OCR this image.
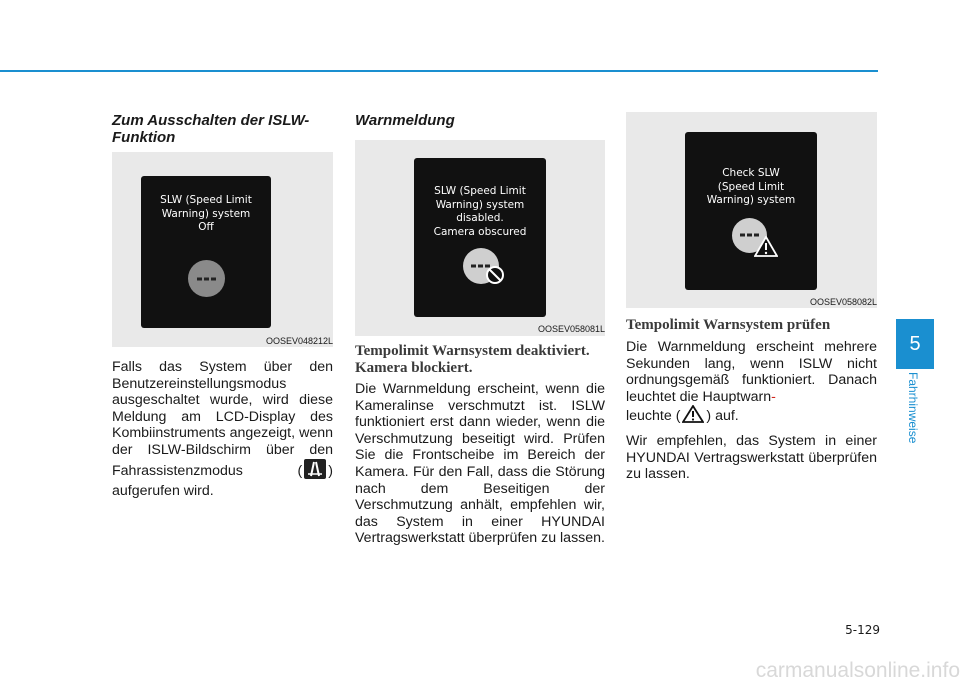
Zum Ausschalten der ISLW-Funktion

SLW (Speed Limit
Warning) system
Off
OOSEV048212L

Falls das System über den Benutzereinstellungsmodus ausgeschaltet wurde, wird diese Meldung am LCD-Display des Kombiinstruments angezeigt, wenn der ISLW-Bildschirm über den Fahrassistenzmodus ( ) aufgerufen wird.

Warnmeldung

SLW (Speed Limit
Warning) system
disabled.
Camera obscured
OOSEV058081L

Tempolimit Warnsystem deaktiviert. Kamera blockiert.

Die Warnmeldung erscheint, wenn die Kameralinse verschmutzt ist. ISLW funktioniert erst dann wieder, wenn die Verschmutzung beseitigt wird. Prüfen Sie die Frontscheibe im Bereich der Kamera. Für den Fall, dass die Störung nach dem Beseitigen der Verschmutzung anhält, empfehlen wir, das System in einer HYUNDAI Vertragswerkstatt überprüfen zu lassen.

Check SLW
(Speed Limit
Warning) system
OOSEV058082L

Tempolimit Warnsystem prüfen

Die Warnmeldung erscheint mehrere Sekunden lang, wenn ISLW nicht ordnungsgemäß funktioniert. Danach leuchtet die Hauptwarn-
leuchte ( ) auf.

Wir empfehlen, das System in einer HYUNDAI Vertragswerkstatt überprüfen zu lassen.

5
Fahrhinweise
5-129
carmanualsonline.info
